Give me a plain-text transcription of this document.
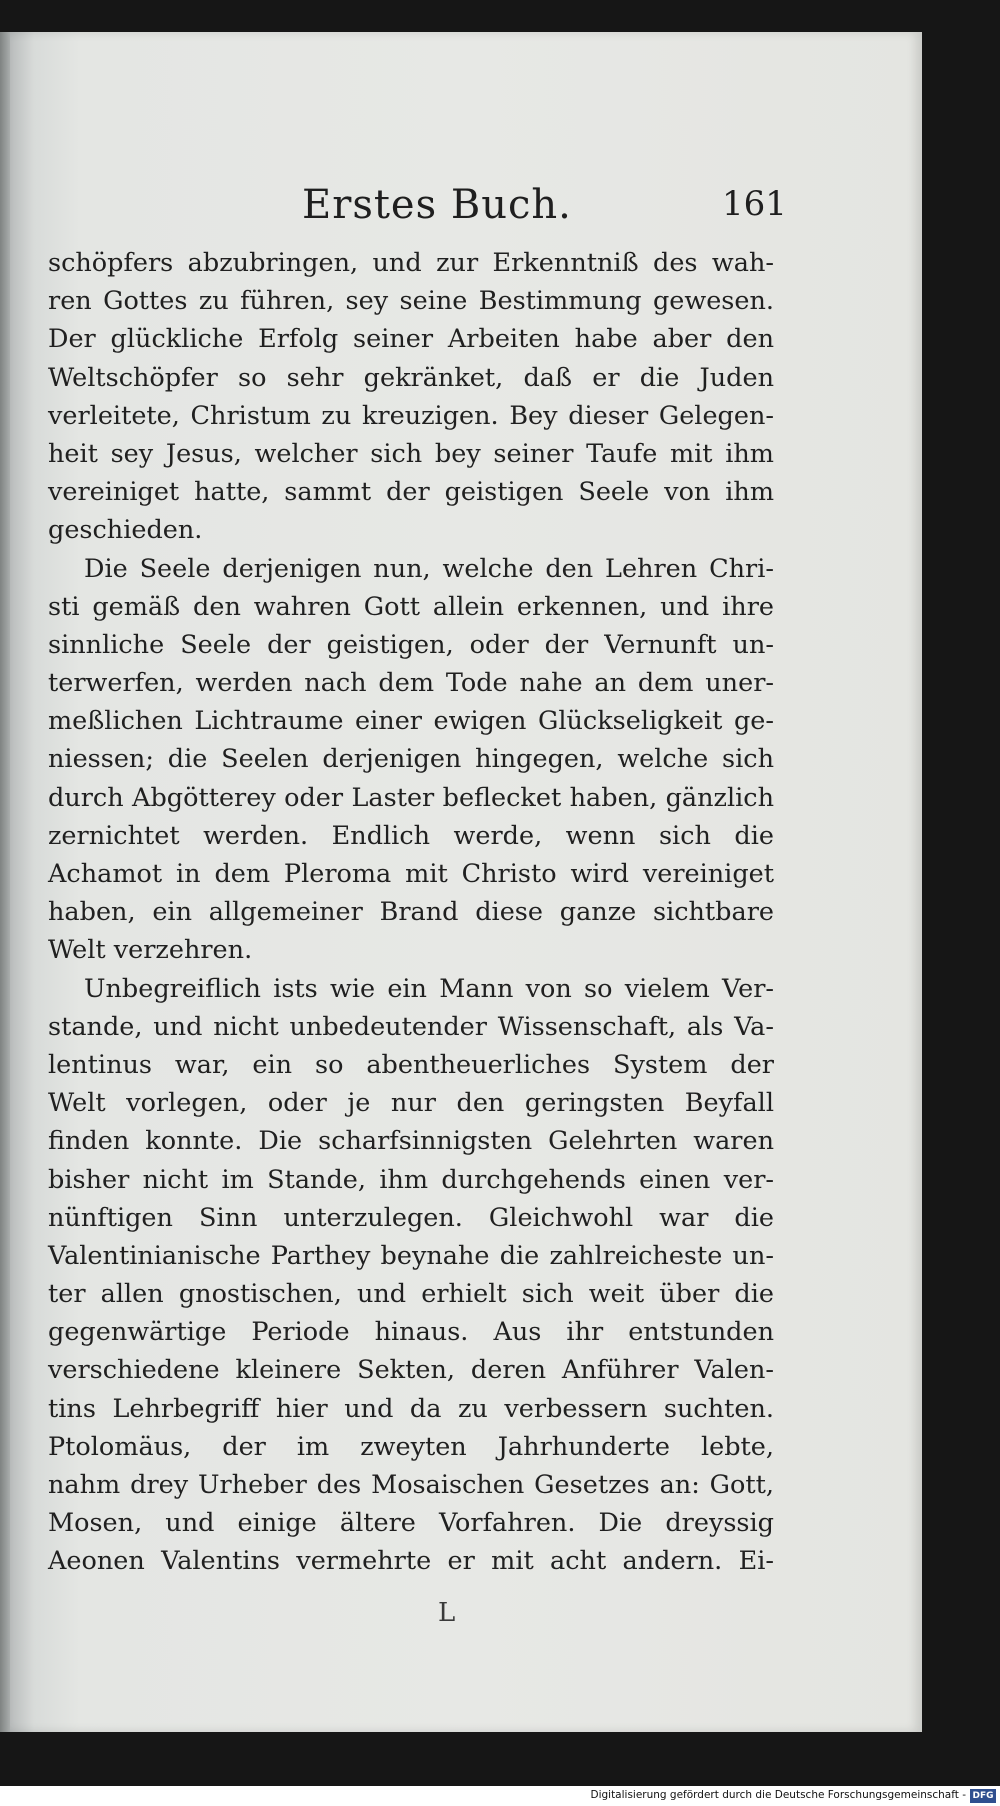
Erstes Buch.	161
schöpfers abzubringen, und zur Erkenntniß des wah-
ren Gottes zu führen, sey seine Bestimmung gewesen.
Der glückliche Erfolg seiner Arbeiten habe aber den
Weltschöpfer so sehr gekränket, daß er die Juden
verleitete, Christum zu kreuzigen. Bey dieser Gelegen-
heit sey Jesus, welcher sich bey seiner Taufe mit ihm
vereiniget hatte, sammt der geistigen Seele von ihm
geschieden.
Die Seele derjenigen nun, welche den Lehren Chri-
sti gemäß den wahren Gott allein erkennen, und ihre
sinnliche Seele der geistigen, oder der Vernunft un-
terwerfen, werden nach dem Tode nahe an dem uner-
meßlichen Lichtraume einer ewigen Glückseligkeit ge-
niessen; die Seelen derjenigen hingegen, welche sich
durch Abgötterey oder Laster beflecket haben, gänzlich
zernichtet werden. Endlich werde, wenn sich die
Achamot in dem Pleroma mit Christo wird vereiniget
haben, ein allgemeiner Brand diese ganze sichtbare
Welt verzehren.
Unbegreiflich ists wie ein Mann von so vielem Ver-
stande, und nicht unbedeutender Wissenschaft, als Va-
lentinus war, ein so abentheuerliches System der
Welt vorlegen, oder je nur den geringsten Beyfall
finden konnte. Die scharfsinnigsten Gelehrten waren
bisher nicht im Stande, ihm durchgehends einen ver-
nünftigen Sinn unterzulegen. Gleichwohl war die
Valentinianische Parthey beynahe die zahlreicheste un-
ter allen gnostischen, und erhielt sich weit über die
gegenwärtige Periode hinaus. Aus ihr entstunden
verschiedene kleinere Sekten, deren Anführer Valen-
tins Lehrbegriff hier und da zu verbessern suchten.
Ptolomäus, der im zweyten Jahrhunderte lebte,
nahm drey Urheber des Mosaischen Gesetzes an: Gott,
Mosen, und einige ältere Vorfahren. Die dreyssig
Aeonen Valentins vermehrte er mit acht andern. Ei-
L
Digitalisierung gefördert durch die Deutsche Forschungsgemeinschaft - DFG
